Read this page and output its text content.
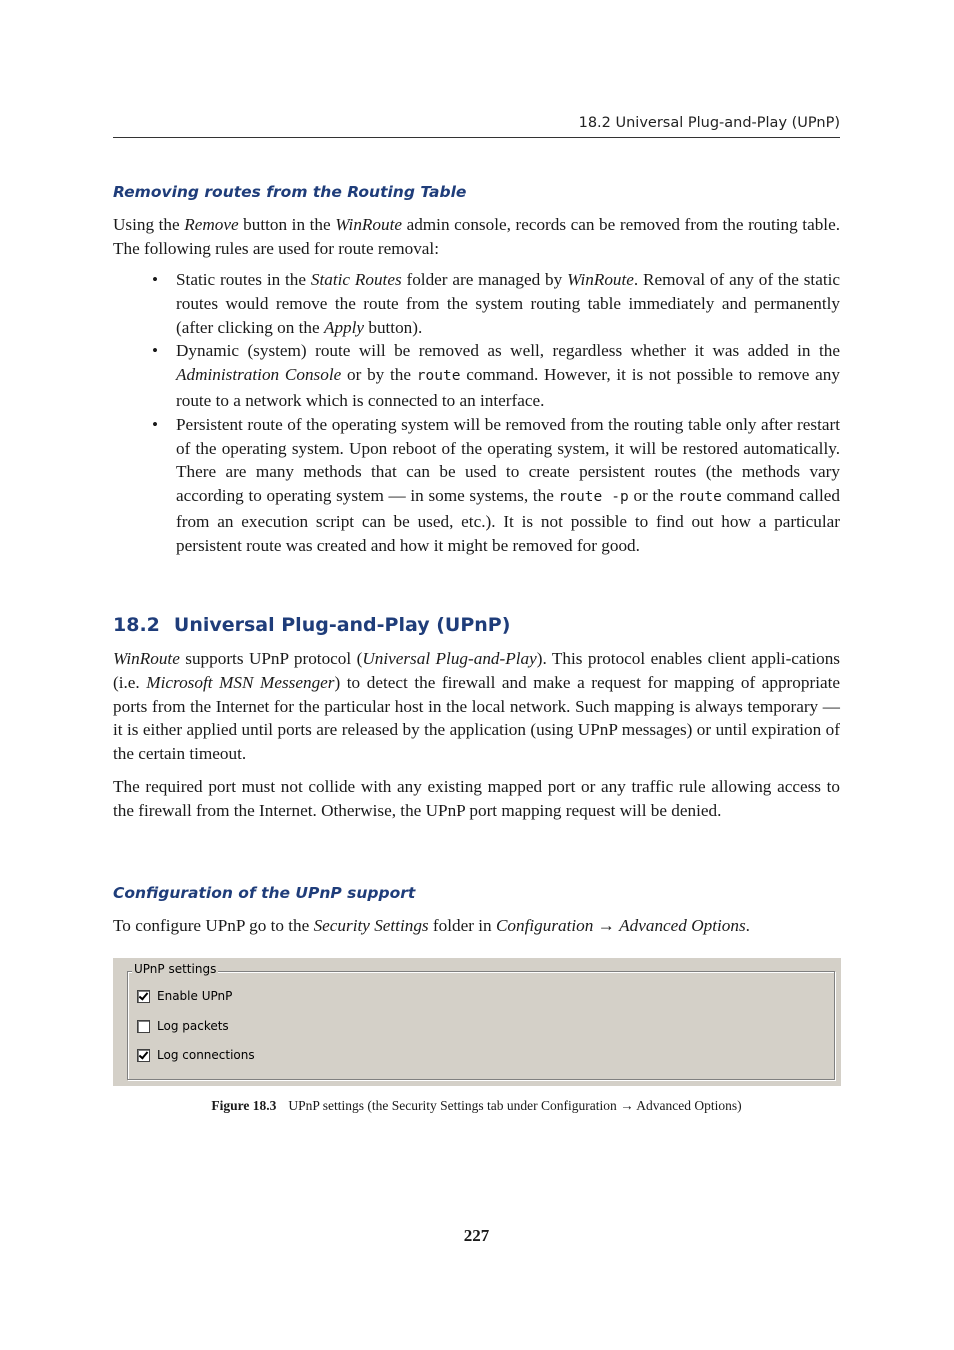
18.2 Universal Plug-and-Play (UPnP)
Removing routes from the Routing Table
Using the Remove button in the WinRoute admin console, records can be removed from the routing table. The following rules are used for route removal:
• Static routes in the Static Routes folder are managed by WinRoute. Removal of any of the static routes would remove the route from the system routing table immediately and permanently (after clicking on the Apply button).
• Dynamic (system) route will be removed as well, regardless whether it was added in the Administration Console or by the route command. However, it is not possible to remove any route to a network which is connected to an interface.
• Persistent route of the operating system will be removed from the routing table only after restart of the operating system. Upon reboot of the operating system, it will be restored automatically. There are many methods that can be used to create persistent routes (the methods vary according to operating system — in some systems, the route -p or the route command called from an execution script can be used, etc.). It is not possible to find out how a particular persistent route was created and how it might be removed for good.
18.2 Universal Plug-and-Play (UPnP)
WinRoute supports UPnP protocol (Universal Plug-and-Play). This protocol enables client appli-cations (i.e. Microsoft MSN Messenger) to detect the firewall and make a request for mapping of appropriate ports from the Internet for the particular host in the local network. Such mapping is always temporary — it is either applied until ports are released by the application (using UPnP messages) or until expiration of the certain timeout.
The required port must not collide with any existing mapped port or any traffic rule allowing access to the firewall from the Internet. Otherwise, the UPnP port mapping request will be denied.
Configuration of the UPnP support
To configure UPnP go to the Security Settings folder in Configuration → Advanced Options.
UPnP settings
Enable UPnP
Log packets
Log connections
Figure 18.3 UPnP settings (the Security Settings tab under Configuration → Advanced Options)
227
